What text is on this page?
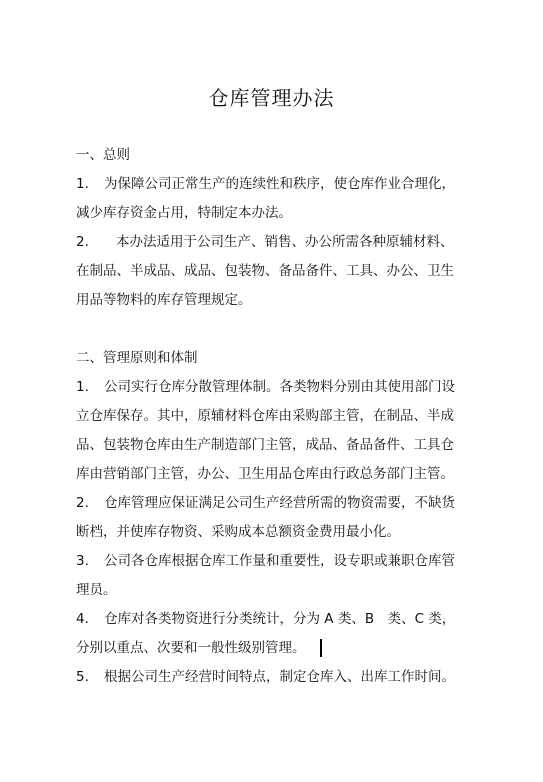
仓库管理办法
一、总则
1. 为保障公司正常生产的连续性和秩序，使仓库作业合理化，
减少库存资金占用，特制定本办法。
2. 本办法适用于公司生产、销售、办公所需各种原辅材料、
在制品、半成品、成品、包装物、备品备件、工具、办公、卫生
用品等物料的库存管理规定。
二、管理原则和体制
1. 公司实行仓库分散管理体制。各类物料分别由其使用部门设
立仓库保存。其中，原辅材料仓库由采购部主管，在制品、半成
品、包装物仓库由生产制造部门主管，成品、备品备件、工具仓
库由营销部门主管，办公、卫生用品仓库由行政总务部门主管。
2. 仓库管理应保证满足公司生产经营所需的物资需要，不缺货
断档，并使库存物资、采购成本总额资金费用最小化。
3. 公司各仓库根据仓库工作量和重要性，设专职或兼职仓库管
理员。
4. 仓库对各类物资进行分类统计，分为 A 类、B　类、C 类，
分别以重点、次要和一般性级别管理。
5. 根据公司生产经营时间特点，制定仓库入、出库工作时间。
